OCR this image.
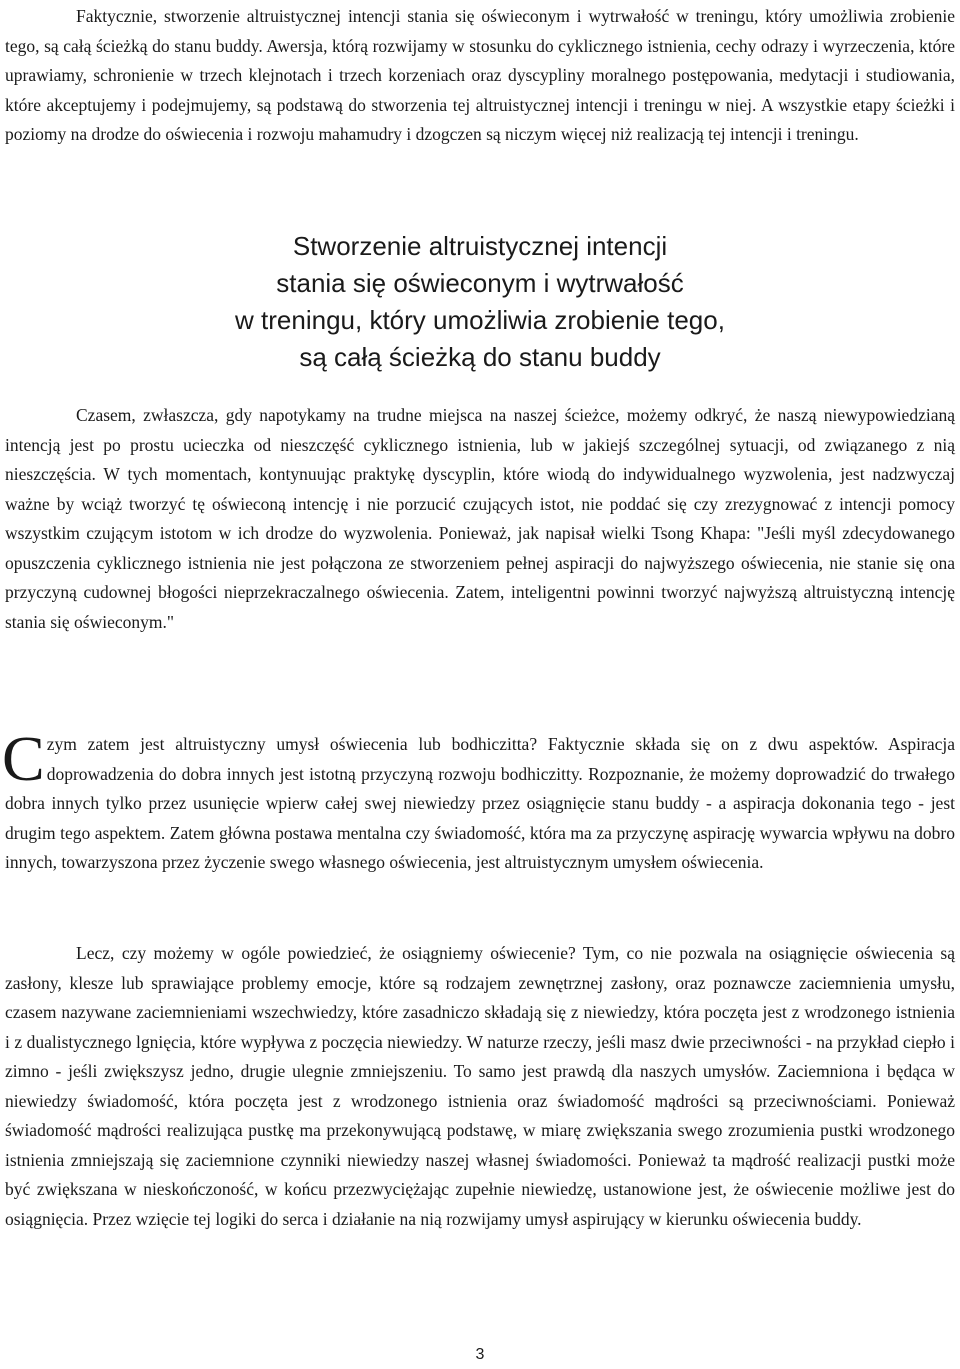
Faktycznie, stworzenie altruistycznej intencji stania się oświeconym i wytrwałość w treningu, który umożliwia zrobienie tego, są całą ścieżką do stanu buddy. Awersja, którą rozwijamy w stosunku do cyklicznego istnienia, cechy odrazy i wyrzeczenia, które uprawiamy, schronienie w trzech klejnotach i trzech korzeniach oraz dyscypliny moralnego postępowania, medytacji i studiowania, które akceptujemy i podejmujemy, są podstawą do stworzenia tej altruistycznej intencji i treningu w niej. A wszystkie etapy ścieżki i poziomy na drodze do oświecenia i rozwoju mahamudry i dzogczen są niczym więcej niż realizacją tej intencji i treningu.

Stworzenie altruistycznej intencji
stania się oświeconym i wytrwałość
w treningu, który umożliwia zrobienie tego,
są całą ścieżką do stanu buddy

Czasem, zwłaszcza, gdy napotykamy na trudne miejsca na naszej ścieżce, możemy odkryć, że naszą niewypowiedzianą intencją jest po prostu ucieczka od nieszczęść cyklicznego istnienia, lub w jakiejś szczególnej sytuacji, od związanego z nią nieszczęścia. W tych momentach, kontynuując praktykę dyscyplin, które wiodą do indywidualnego wyzwolenia, jest nadzwyczaj ważne by wciąż tworzyć tę oświeconą intencję i nie porzucić czujących istot, nie poddać się czy zrezygnować z intencji pomocy wszystkim czującym istotom w ich drodze do wyzwolenia. Ponieważ, jak napisał wielki Tsong Khapa: "Jeśli myśl zdecydowanego opuszczenia cyklicznego istnienia nie jest połączona ze stworzeniem pełnej aspiracji do najwyższego oświecenia, nie stanie się ona przyczyną cudownej błogości nieprzekraczalnego oświecenia. Zatem, inteligentni powinni tworzyć najwyższą altruistyczną intencję stania się oświeconym."

Czym zatem jest altruistyczny umysł oświecenia lub bodhiczitta? Faktycznie składa się on z dwu aspektów. Aspiracja doprowadzenia do dobra innych jest istotną przyczyną rozwoju bodhiczitty. Rozpoznanie, że możemy doprowadzić do trwałego dobra innych tylko przez usunięcie wpierw całej swej niewiedzy przez osiągnięcie stanu buddy - a aspiracja dokonania tego - jest drugim tego aspektem. Zatem główna postawa mentalna czy świadomość, która ma za przyczynę aspirację wywarcia wpływu na dobro innych, towarzyszona przez życzenie swego własnego oświecenia, jest altruistycznym umysłem oświecenia.

Lecz, czy możemy w ogóle powiedzieć, że osiągniemy oświecenie? Tym, co nie pozwala na osiągnięcie oświecenia są zasłony, klesze lub sprawiające problemy emocje, które są rodzajem zewnętrznej zasłony, oraz poznawcze zaciemnienia umysłu, czasem nazywane zaciemnieniami wszechwiedzy, które zasadniczo składają się z niewiedzy, która poczęta jest z wrodzonego istnienia i z dualistycznego lgnięcia, które wypływa z poczęcia niewiedzy. W naturze rzeczy, jeśli masz dwie przeciwności - na przykład ciepło i zimno - jeśli zwiększysz jedno, drugie ulegnie zmniejszeniu. To samo jest prawdą dla naszych umysłów. Zaciemniona i będąca w niewiedzy świadomość, która poczęta jest z wrodzonego istnienia oraz świadomość mądrości są przeciwnościami. Ponieważ świadomość mądrości realizująca pustkę ma przekonywującą podstawę, w miarę zwiększania swego zrozumienia pustki wrodzonego istnienia zmniejszają się zaciemnione czynniki niewiedzy naszej własnej świadomości. Ponieważ ta mądrość realizacji pustki może być zwiększana w nieskończoność, w końcu przezwyciężając zupełnie niewiedzę, ustanowione jest, że oświecenie możliwe jest do osiągnięcia. Przez wzięcie tej logiki do serca i działanie na nią rozwijamy umysł aspirujący w kierunku oświecenia buddy.

3
